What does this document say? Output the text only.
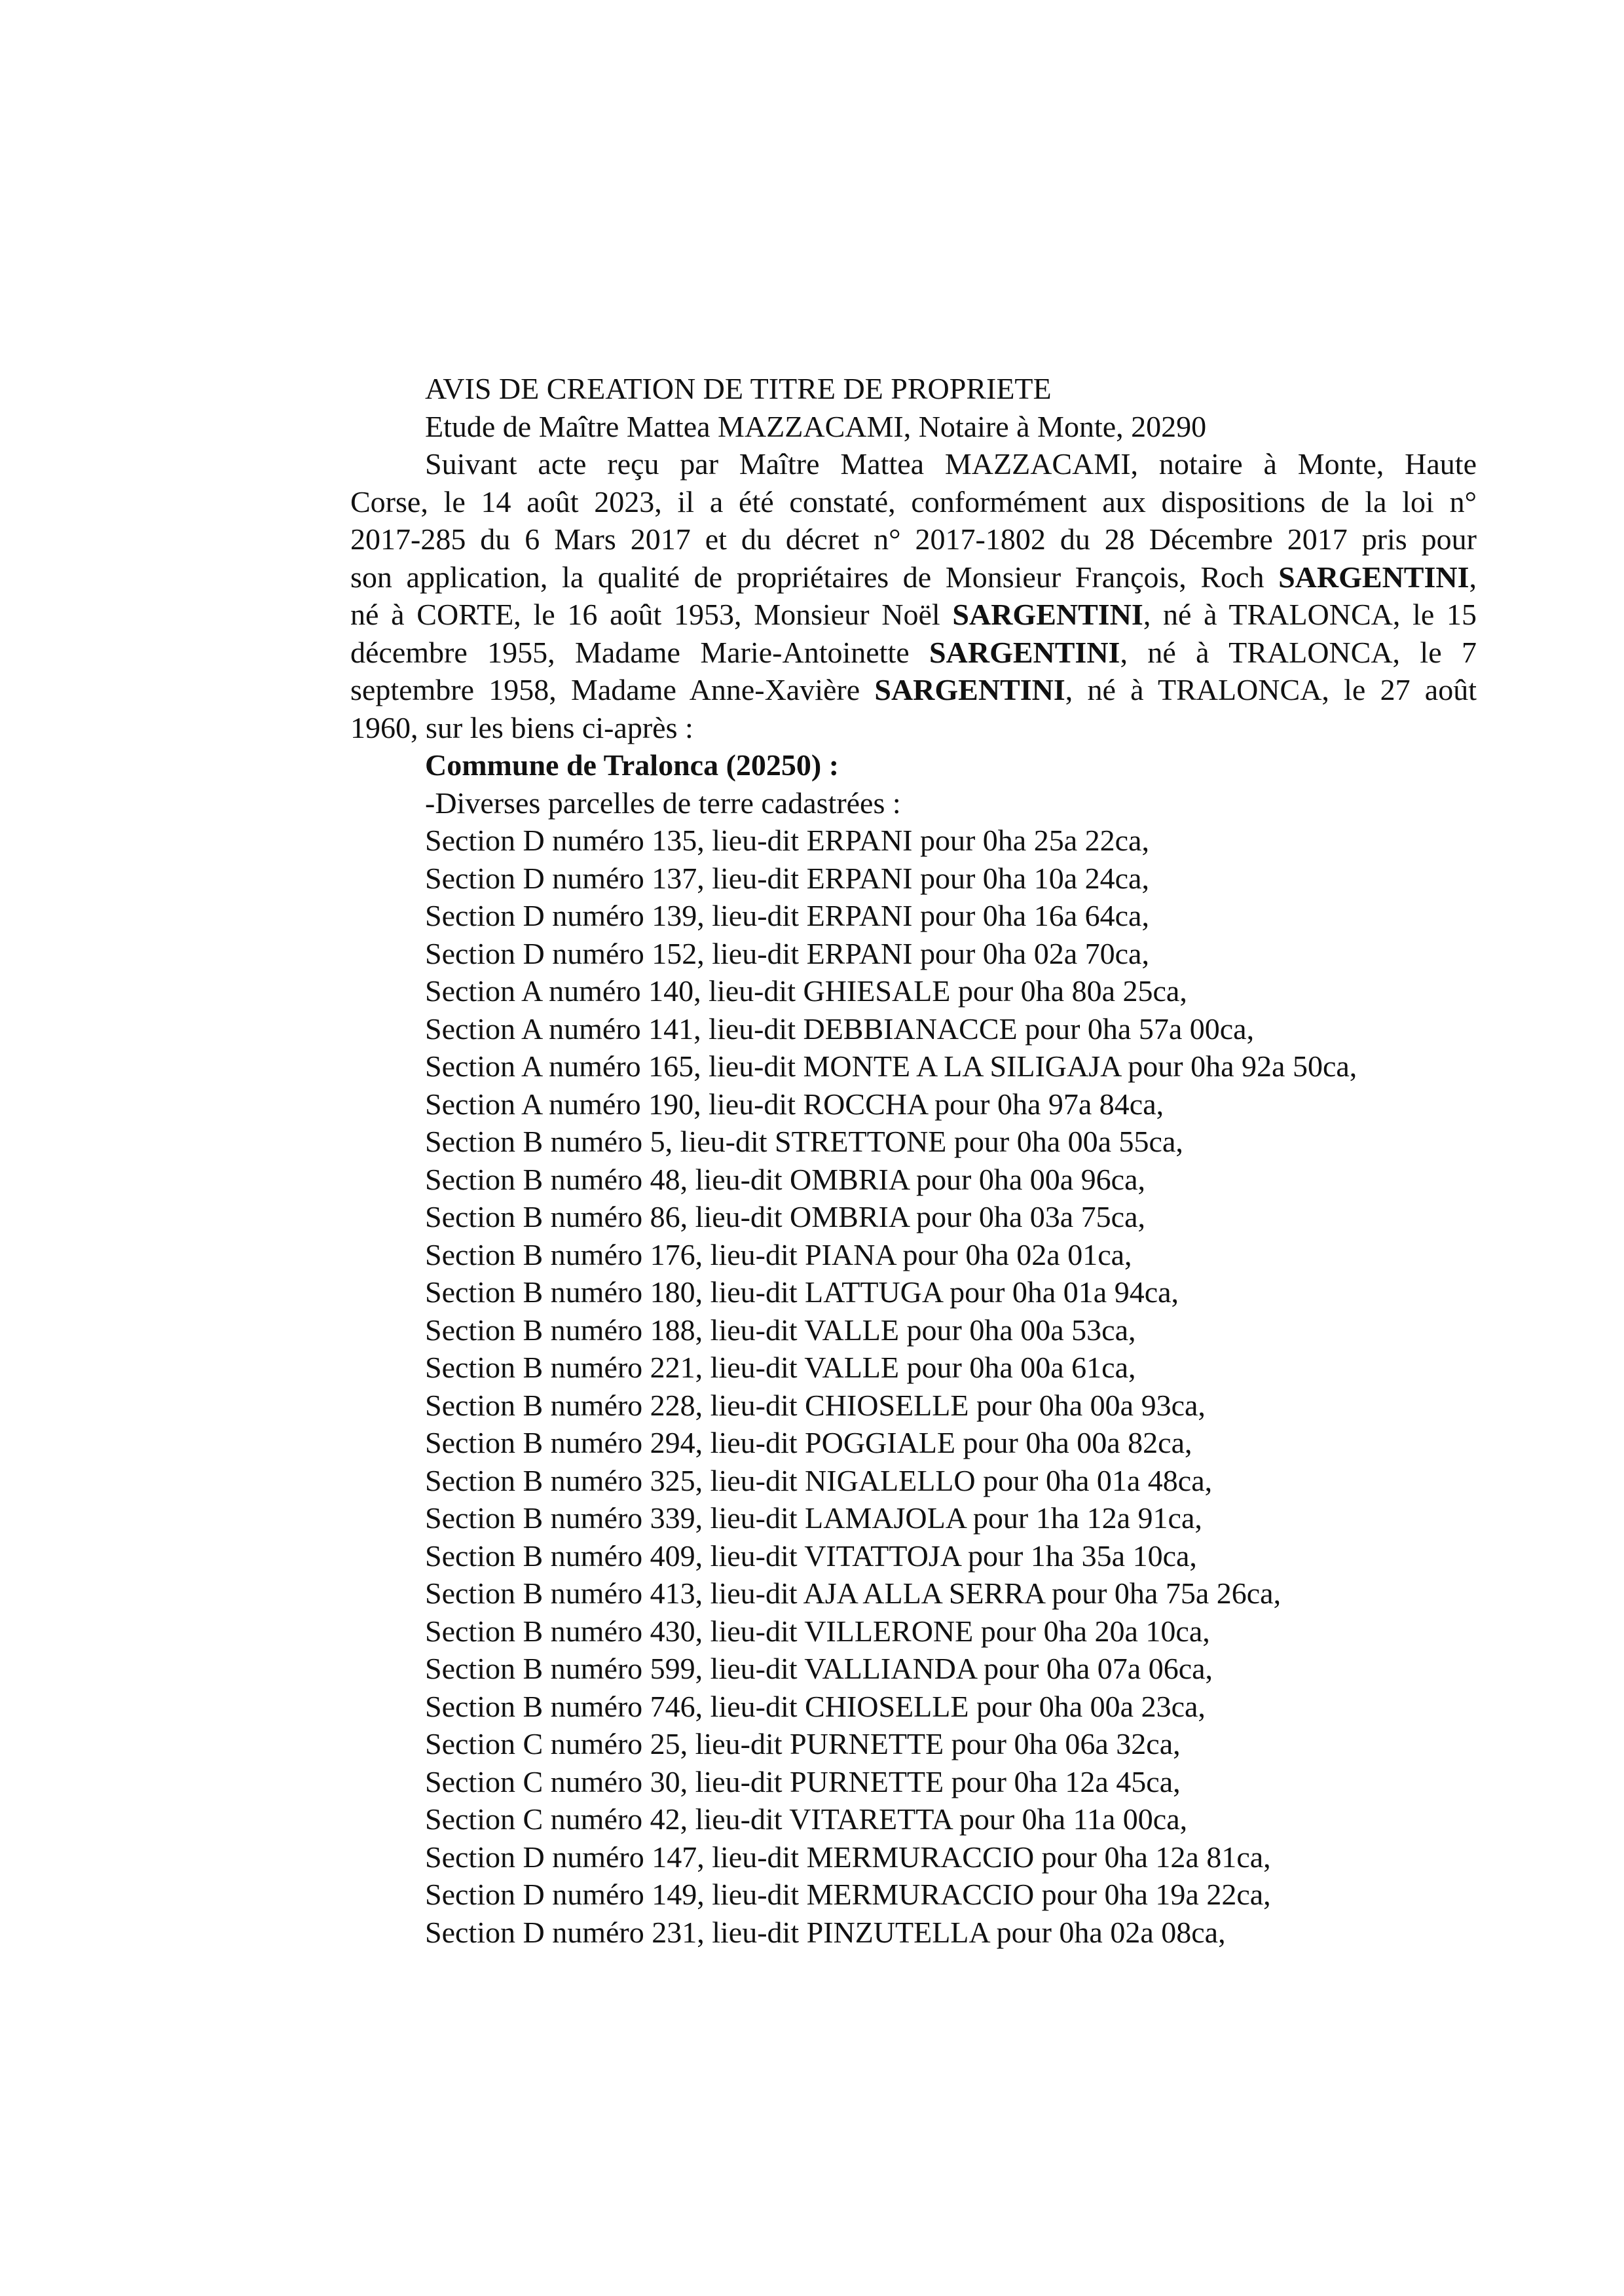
AVIS DE CREATION DE TITRE DE PROPRIETE
Etude de Maître Mattea MAZZACAMI, Notaire à Monte, 20290
Suivant acte reçu par Maître Mattea MAZZACAMI, notaire à Monte, Haute
Corse, le 14 août 2023, il a été constaté, conformément aux dispositions de la loi n°
2017-285 du 6 Mars 2017 et du décret n° 2017-1802 du 28 Décembre 2017 pris pour
son application, la qualité de propriétaires de Monsieur François, Roch SARGENTINI,
né à CORTE, le 16 août 1953, Monsieur Noël SARGENTINI, né à TRALONCA, le 15
décembre 1955, Madame Marie-Antoinette SARGENTINI, né à TRALONCA, le 7
septembre 1958, Madame Anne-Xavière SARGENTINI, né à TRALONCA, le 27 août
1960, sur les biens ci-après :
Commune de Tralonca (20250) :
-Diverses parcelles de terre cadastrées :
Section D numéro 135, lieu-dit ERPANI pour 0ha 25a 22ca,
Section D numéro 137, lieu-dit ERPANI pour 0ha 10a 24ca,
Section D numéro 139, lieu-dit ERPANI pour 0ha 16a 64ca,
Section D numéro 152, lieu-dit ERPANI pour 0ha 02a 70ca,
Section A numéro 140, lieu-dit GHIESALE pour 0ha 80a 25ca,
Section A numéro 141, lieu-dit DEBBIANACCE pour 0ha 57a 00ca,
Section A numéro 165, lieu-dit MONTE A LA SILIGAJA pour 0ha 92a 50ca,
Section A numéro 190, lieu-dit ROCCHA pour 0ha 97a 84ca,
Section B numéro 5, lieu-dit STRETTONE pour 0ha 00a 55ca,
Section B numéro 48, lieu-dit OMBRIA pour 0ha 00a 96ca,
Section B numéro 86, lieu-dit OMBRIA pour 0ha 03a 75ca,
Section B numéro 176, lieu-dit PIANA pour 0ha 02a 01ca,
Section B numéro 180, lieu-dit LATTUGA pour 0ha 01a 94ca,
Section B numéro 188, lieu-dit VALLE pour 0ha 00a 53ca,
Section B numéro 221, lieu-dit VALLE pour 0ha 00a 61ca,
Section B numéro 228, lieu-dit CHIOSELLE pour 0ha 00a 93ca,
Section B numéro 294, lieu-dit POGGIALE pour 0ha 00a 82ca,
Section B numéro 325, lieu-dit NIGALELLO pour 0ha 01a 48ca,
Section B numéro 339, lieu-dit LAMAJOLA pour 1ha 12a 91ca,
Section B numéro 409, lieu-dit VITATTOJA pour 1ha 35a 10ca,
Section B numéro 413, lieu-dit AJA ALLA SERRA pour 0ha 75a 26ca,
Section B numéro 430, lieu-dit VILLERONE pour 0ha 20a 10ca,
Section B numéro 599, lieu-dit VALLIANDA pour 0ha 07a 06ca,
Section B numéro 746, lieu-dit CHIOSELLE pour 0ha 00a 23ca,
Section C numéro 25, lieu-dit PURNETTE pour 0ha 06a 32ca,
Section C numéro 30, lieu-dit PURNETTE pour 0ha 12a 45ca,
Section C numéro 42, lieu-dit VITARETTA pour 0ha 11a 00ca,
Section D numéro 147, lieu-dit MERMURACCIO pour 0ha 12a 81ca,
Section D numéro 149, lieu-dit MERMURACCIO pour 0ha 19a 22ca,
Section D numéro 231, lieu-dit PINZUTELLA pour 0ha 02a 08ca,
